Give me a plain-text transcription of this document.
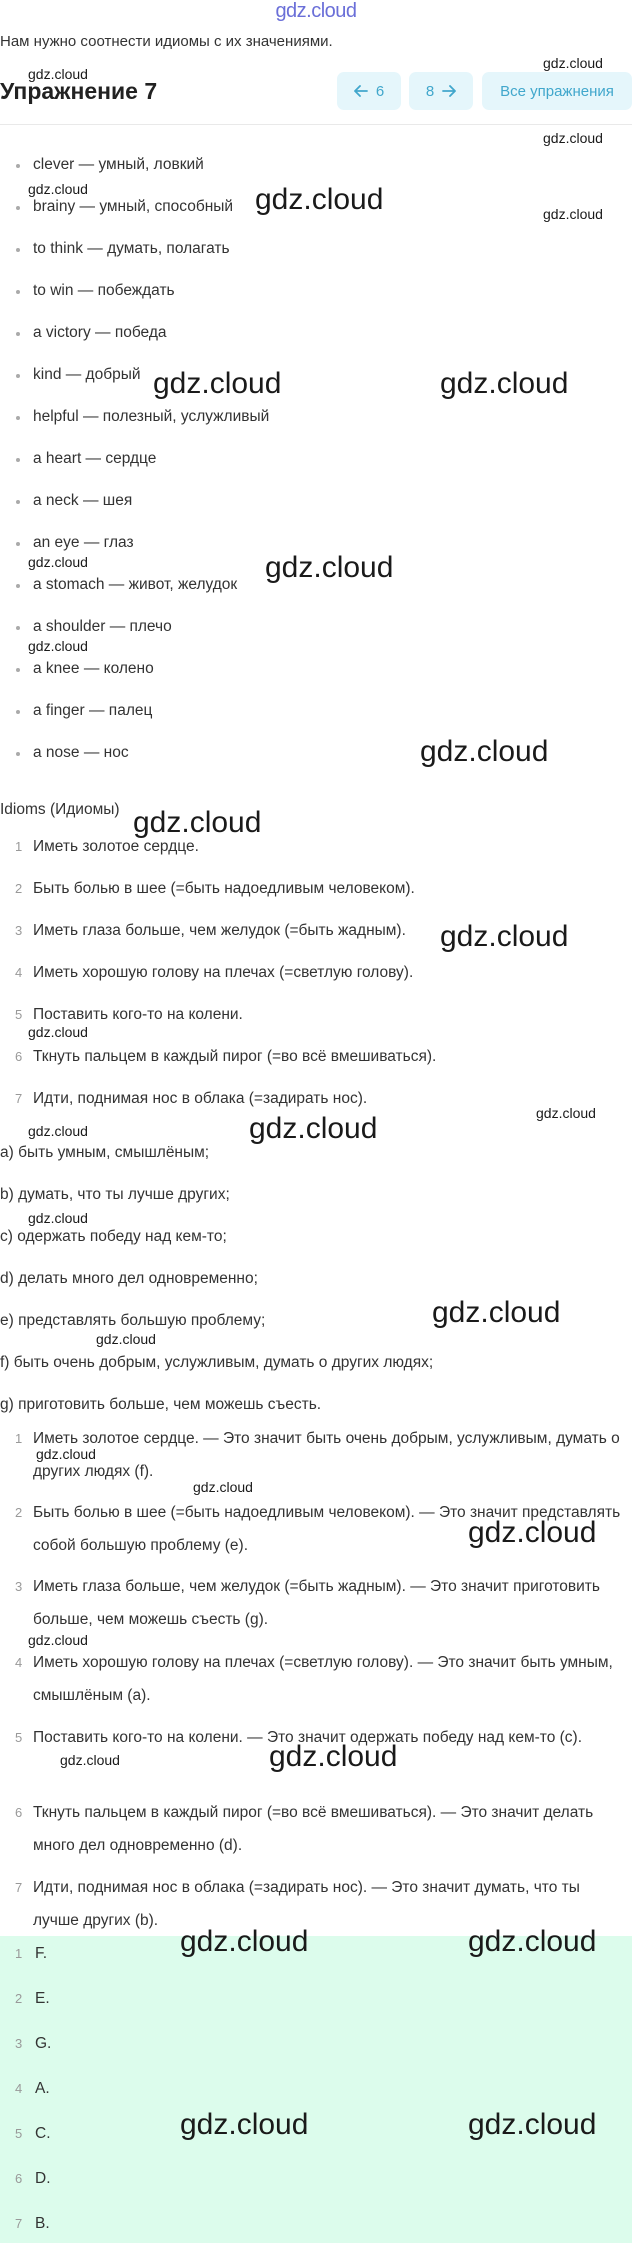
gdz.cloud
Нам нужно соотнести идиомы с их значениями.
Упражнение 7	6	8	Все упражнения
clever — умный, ловкий
brainy — умный, способный
to think — думать, полагать
to win — побеждать
a victory — победа
kind — добрый
helpful — полезный, услужливый
a heart — сердце
a neck — шея
an eye — глаз
a stomach — живот, желудок
a shoulder — плечо
a knee — колено
a finger — палец
a nose — нос
Idioms (Идиомы)
1 Иметь золотое сердце.
2 Быть болью в шее (=быть надоедливым человеком).
3 Иметь глаза больше, чем желудок (=быть жадным).
4 Иметь хорошую голову на плечах (=светлую голову).
5 Поставить кого-то на колени.
6 Ткнуть пальцем в каждый пирог (=во всё вмешиваться).
7 Идти, поднимая нос в облака (=задирать нос).
a) быть умным, смышлёным;
b) думать, что ты лучше других;
c) одержать победу над кем-то;
d) делать много дел одновременно;
e) представлять большую проблему;
f) быть очень добрым, услужливым, думать о других людях;
g) приготовить больше, чем можешь съесть.
1 Иметь золотое сердце. — Это значит быть очень добрым, услужливым, думать о других людях (f).
2 Быть болью в шее (=быть надоедливым человеком). — Это значит представлять собой большую проблему (e).
3 Иметь глаза больше, чем желудок (=быть жадным). — Это значит приготовить больше, чем можешь съесть (g).
4 Иметь хорошую голову на плечах (=светлую голову). — Это значит быть умным, смышлёным (a).
5 Поставить кого-то на колени. — Это значит одержать победу над кем-то (c).
6 Ткнуть пальцем в каждый пирог (=во всё вмешиваться). — Это значит делать много дел одновременно (d).
7 Идти, поднимая нос в облака (=задирать нос). — Это значит думать, что ты лучше других (b).
1 F.
2 E.
3 G.
4 A.
5 C.
6 D.
7 B.
gdz.cloud
gdz.cloud
gdz.cloud
gdz.cloud	gdz.cloud	gdz.cloud
gdz.cloud	gdz.cloud
gdz.cloud	gdz.cloud
gdz.cloud
gdz.cloud
gdz.cloud
gdz.cloud
gdz.cloud
gdz.cloud
gdz.cloud
gdz.cloud
gdz.cloud
gdz.cloud
gdz.cloud
gdz.cloud
gdz.cloud
gdz.cloud
gdz.cloud
gdz.cloud
gdz.cloud
gdz.cloud	gdz.cloud
gdz.cloud	gdz.cloud
